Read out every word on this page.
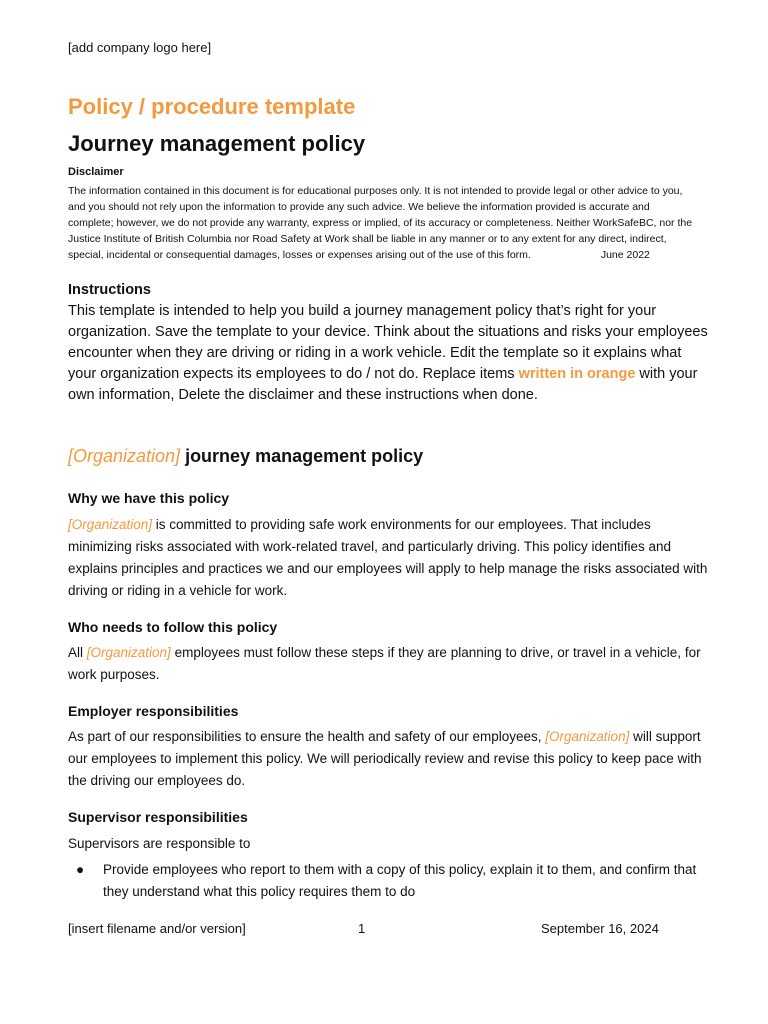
[add company logo here]
Policy / procedure template
Journey management policy
Disclaimer
The information contained in this document is for educational purposes only. It is not intended to provide legal or other advice to you, and you should not rely upon the information to provide any such advice. We believe the information provided is accurate and complete; however, we do not provide any warranty, express or implied, of its accuracy or completeness. Neither WorkSafeBC, nor the Justice Institute of British Columbia nor Road Safety at Work shall be liable in any manner or to any extent for any direct, indirect, special, incidental or consequential damages, losses or expenses arising out of the use of this form.	June 2022
Instructions
This template is intended to help you build a journey management policy that’s right for your organization. Save the template to your device. Think about the situations and risks your employees encounter when they are driving or riding in a work vehicle. Edit the template so it explains what your organization expects its employees to do / not do. Replace items written in orange with your own information, Delete the disclaimer and these instructions when done.
[Organization] journey management policy
Why we have this policy
[Organization] is committed to providing safe work environments for our employees. That includes minimizing risks associated with work-related travel, and particularly driving. This policy identifies and explains principles and practices we and our employees will apply to help manage the risks associated with driving or riding in a vehicle for work.
Who needs to follow this policy
All [Organization] employees must follow these steps if they are planning to drive, or travel in a vehicle, for work purposes.
Employer responsibilities
As part of our responsibilities to ensure the health and safety of our employees, [Organization] will support our employees to implement this policy. We will periodically review and revise this policy to keep pace with the driving our employees do.
Supervisor responsibilities
Supervisors are responsible to
● Provide employees who report to them with a copy of this policy, explain it to them, and confirm that they understand what this policy requires them to do
[insert filename and/or version]	1	September 16, 2024
